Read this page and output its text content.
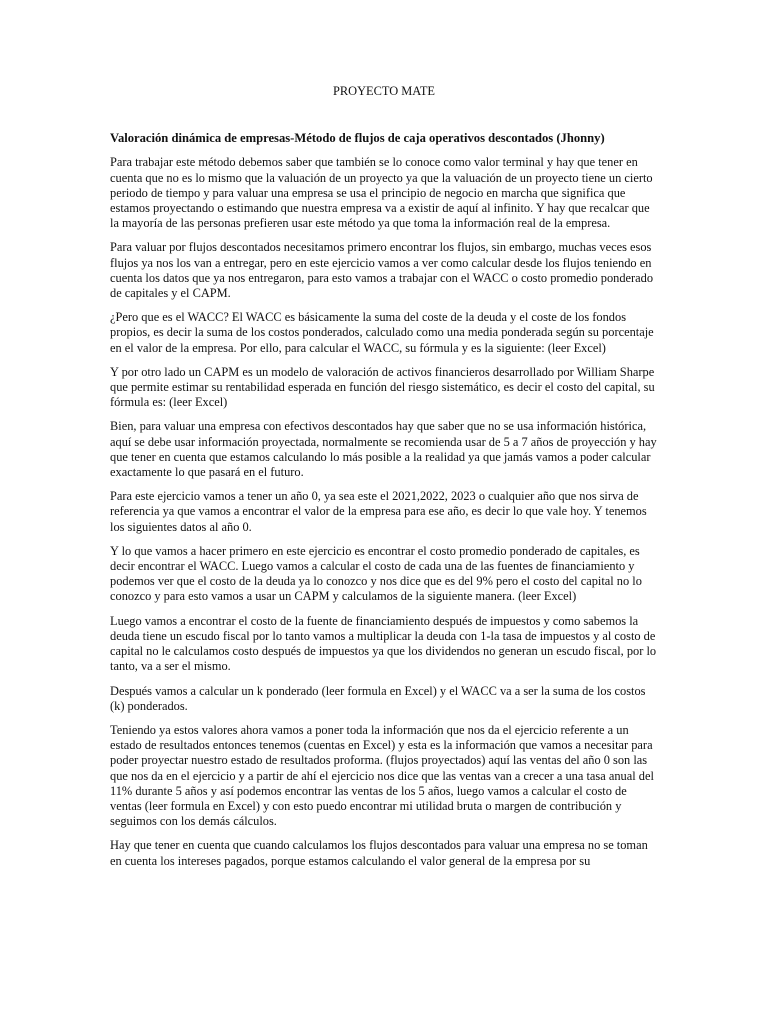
PROYECTO MATE
Valoración dinámica de empresas-Método de flujos de caja operativos descontados (Jhonny)

Para trabajar este método debemos saber que también se lo conoce como valor terminal y hay que tener en cuenta que no es lo mismo que la valuación de un proyecto ya que la valuación de un proyecto tiene un cierto periodo de tiempo y para valuar una empresa se usa el principio de negocio en marcha que significa que estamos proyectando o estimando que nuestra empresa va a existir de aquí al infinito. Y hay que recalcar que la mayoría de las personas prefieren usar este método ya que toma la información real de la empresa.

Para valuar por flujos descontados necesitamos primero encontrar los flujos, sin embargo, muchas veces esos flujos ya nos los van a entregar, pero en este ejercicio vamos a ver como calcular desde los flujos teniendo en cuenta los datos que ya nos entregaron, para esto vamos a trabajar con el WACC o costo promedio ponderado de capitales y el CAPM.

¿Pero que es el WACC? El WACC es básicamente la suma del coste de la deuda y el coste de los fondos propios, es decir la suma de los costos ponderados, calculado como una media ponderada según su porcentaje en el valor de la empresa. Por ello, para calcular el WACC, su fórmula y es la siguiente: (leer Excel)

Y por otro lado un CAPM es un modelo de valoración de activos financieros desarrollado por William Sharpe que permite estimar su rentabilidad esperada en función del riesgo sistemático, es decir el costo del capital, su fórmula es: (leer Excel)

Bien, para valuar una empresa con efectivos descontados hay que saber que no se usa información histórica, aquí se debe usar información proyectada, normalmente se recomienda usar de 5 a 7 años de proyección y hay que tener en cuenta que estamos calculando lo más posible a la realidad ya que jamás vamos a poder calcular exactamente lo que pasará en el futuro.

Para este ejercicio vamos a tener un año 0, ya sea este el 2021,2022, 2023 o cualquier año que nos sirva de referencia ya que vamos a encontrar el valor de la empresa para ese año, es decir lo que vale hoy. Y tenemos los siguientes datos al año 0.

Y lo que vamos a hacer primero en este ejercicio es encontrar el costo promedio ponderado de capitales, es decir encontrar el WACC. Luego vamos a calcular el costo de cada una de las fuentes de financiamiento y podemos ver que el costo de la deuda ya lo conozco y nos dice que es del 9% pero el costo del capital no lo conozco y para esto vamos a usar un CAPM y calculamos de la siguiente manera. (leer Excel)

Luego vamos a encontrar el costo de la fuente de financiamiento después de impuestos y como sabemos la deuda tiene un escudo fiscal por lo tanto vamos a multiplicar la deuda con 1-la tasa de impuestos y al costo de capital no le calculamos costo después de impuestos ya que los dividendos no generan un escudo fiscal, por lo tanto, va a ser el mismo.

Después vamos a calcular un k ponderado (leer formula en Excel) y el WACC va a ser la suma de los costos (k) ponderados.

Teniendo ya estos valores ahora vamos a poner toda la información que nos da el ejercicio referente a un estado de resultados entonces tenemos (cuentas en Excel) y esta es la información que vamos a necesitar para poder proyectar nuestro estado de resultados proforma. (flujos proyectados) aquí las ventas del año 0 son las que nos da en el ejercicio y a partir de ahí el ejercicio nos dice que las ventas van a crecer a una tasa anual del 11% durante 5 años y así podemos encontrar las ventas de los 5 años, luego vamos a calcular el costo de ventas (leer formula en Excel) y con esto puedo encontrar mi utilidad bruta o margen de contribución y seguimos con los demás cálculos.

Hay que tener en cuenta que cuando calculamos los flujos descontados para valuar una empresa no se toman en cuenta los intereses pagados, porque estamos calculando el valor general de la empresa por su
